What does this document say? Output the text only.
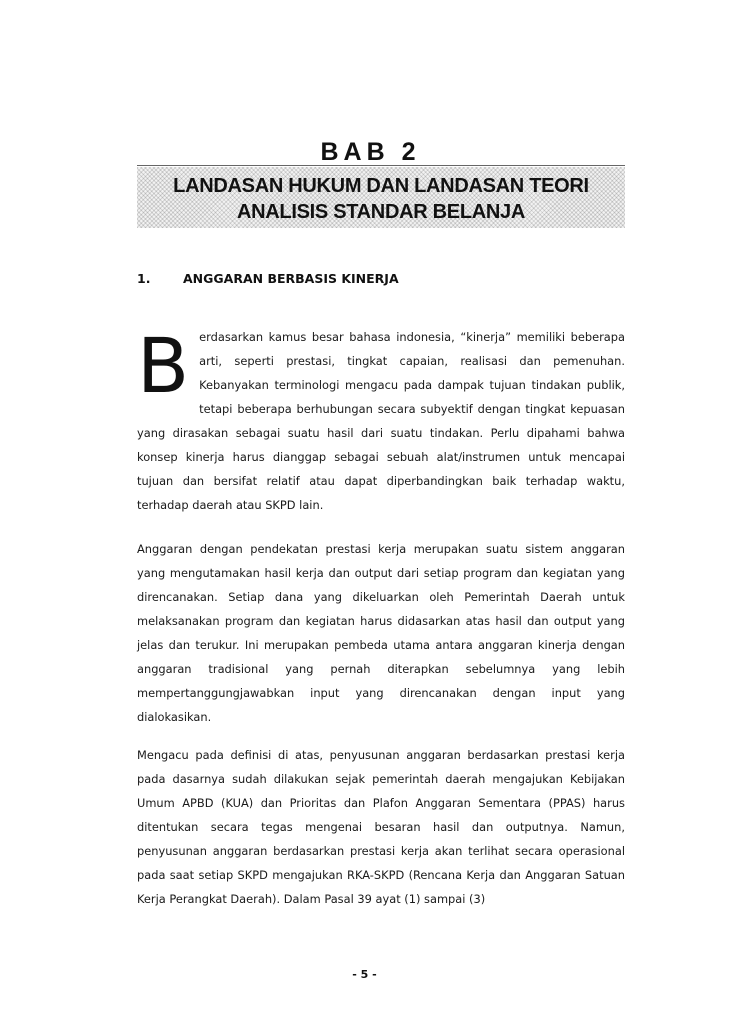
BAB 2
LANDASAN HUKUM DAN LANDASAN TEORI
ANALISIS STANDAR BELANJA
1.	ANGGARAN BERBASIS KINERJA
Berdasarkan kamus besar bahasa indonesia, “kinerja” memiliki beberapa arti, seperti prestasi, tingkat capaian, realisasi dan pemenuhan. Kebanyakan terminologi mengacu pada dampak tujuan tindakan publik, tetapi beberapa berhubungan secara subyektif dengan tingkat kepuasan yang dirasakan sebagai suatu hasil dari suatu tindakan. Perlu dipahami bahwa konsep kinerja harus dianggap sebagai sebuah alat/instrumen untuk mencapai tujuan dan bersifat relatif atau dapat diperbandingkan baik terhadap waktu, terhadap daerah atau SKPD lain.
Anggaran dengan pendekatan prestasi kerja merupakan suatu sistem anggaran yang mengutamakan hasil kerja dan output dari setiap program dan kegiatan yang direncanakan. Setiap dana yang dikeluarkan oleh Pemerintah Daerah untuk melaksanakan program dan kegiatan harus didasarkan atas hasil dan output yang jelas dan terukur. Ini merupakan pembeda utama antara anggaran kinerja dengan anggaran tradisional yang pernah diterapkan sebelumnya yang lebih mempertanggungjawabkan input yang direncanakan dengan input yang dialokasikan.
Mengacu pada definisi di atas, penyusunan anggaran berdasarkan prestasi kerja pada dasarnya sudah dilakukan sejak pemerintah daerah mengajukan Kebijakan Umum APBD (KUA) dan Prioritas dan Plafon Anggaran Sementara (PPAS) harus ditentukan secara tegas mengenai besaran hasil dan outputnya. Namun, penyusunan anggaran berdasarkan prestasi kerja akan terlihat secara operasional pada saat setiap SKPD mengajukan RKA-SKPD (Rencana Kerja dan Anggaran Satuan Kerja Perangkat Daerah). Dalam Pasal 39 ayat (1) sampai (3)
- 5 -
